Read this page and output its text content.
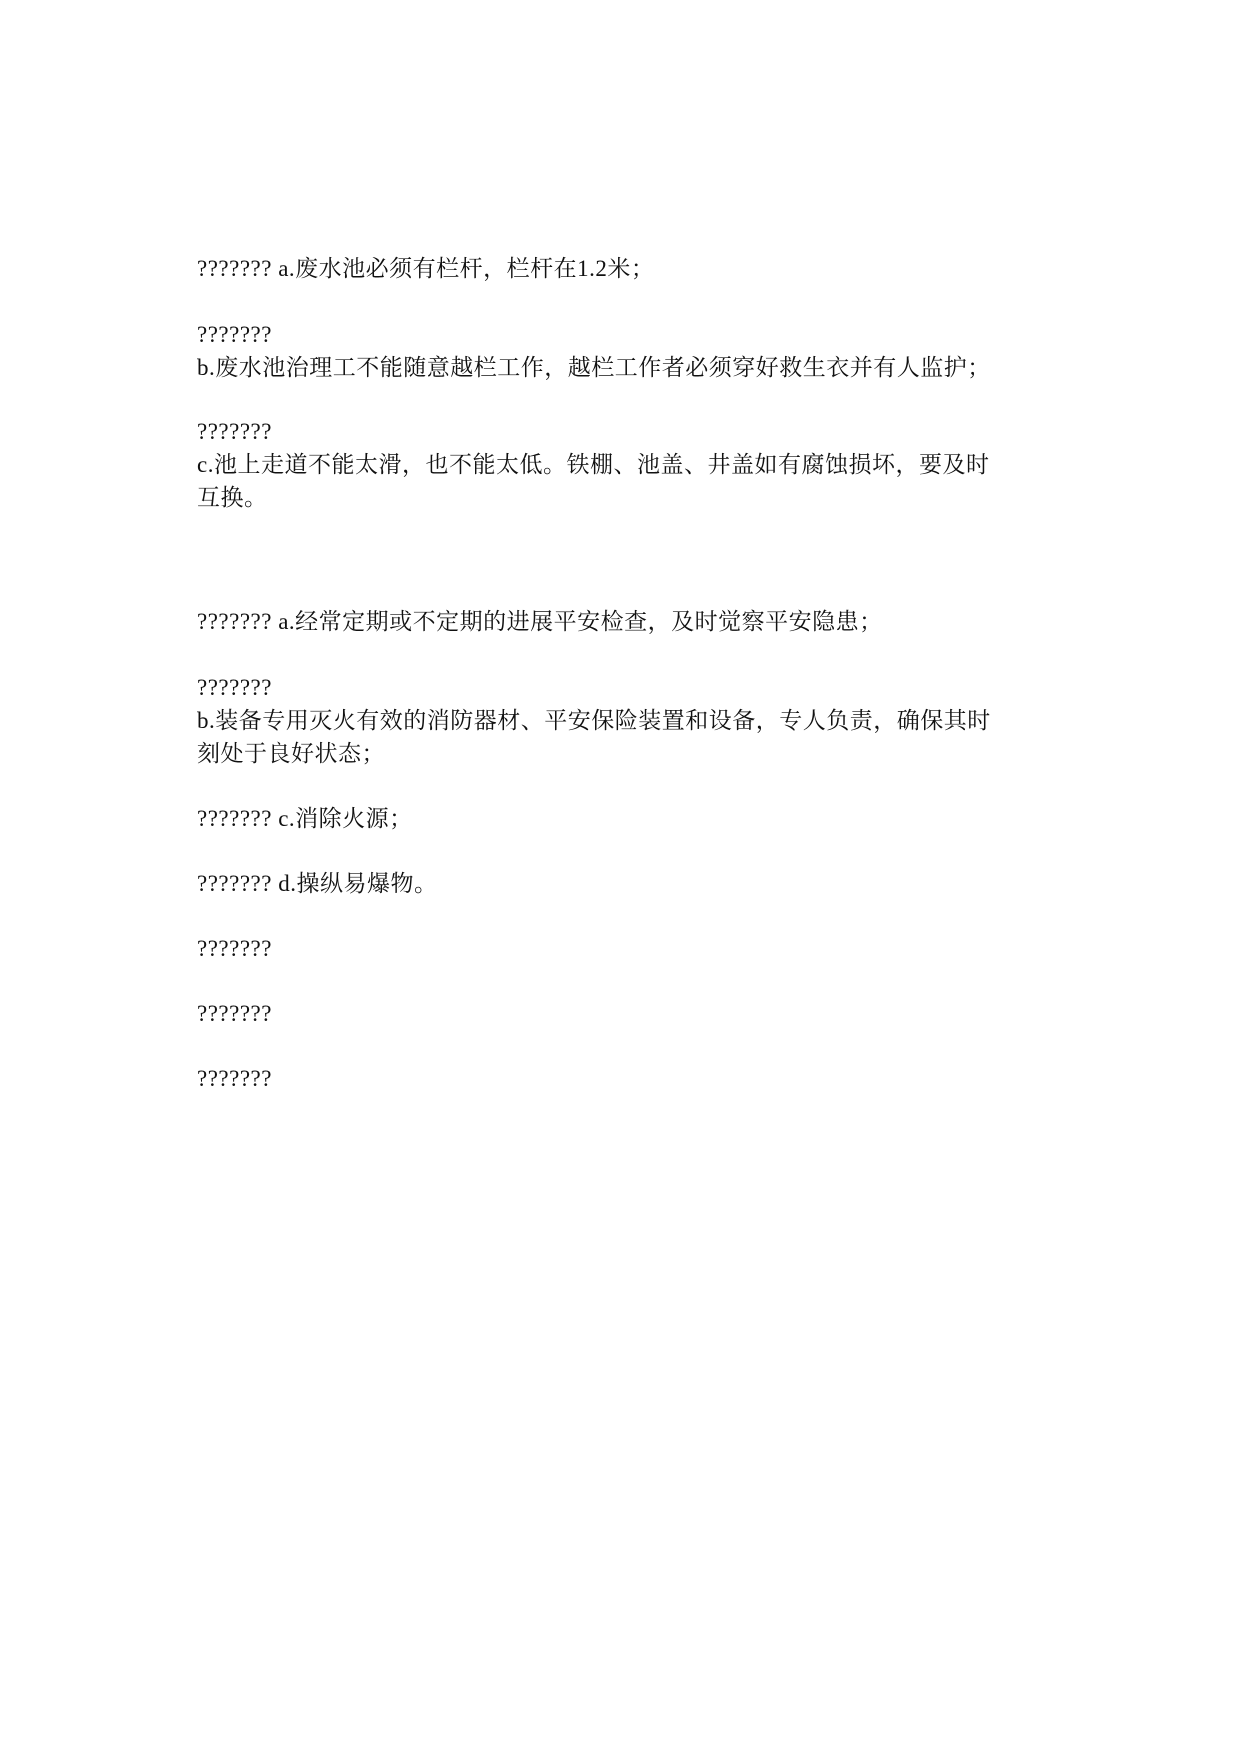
??????? a.废水池必须有栏杆，栏杆在1.2米；
???????
b.废水池治理工不能随意越栏工作，越栏工作者必须穿好救生衣并有人监护；
???????
c.池上走道不能太滑，也不能太低。铁棚、池盖、井盖如有腐蚀损坏，要及时
互换。
??????? a.经常定期或不定期的进展平安检查，及时觉察平安隐患；
???????
b.装备专用灭火有效的消防器材、平安保险装置和设备，专人负责，确保其时
刻处于良好状态；
??????? c.消除火源；
??????? d.操纵易爆物。
???????
???????
???????
